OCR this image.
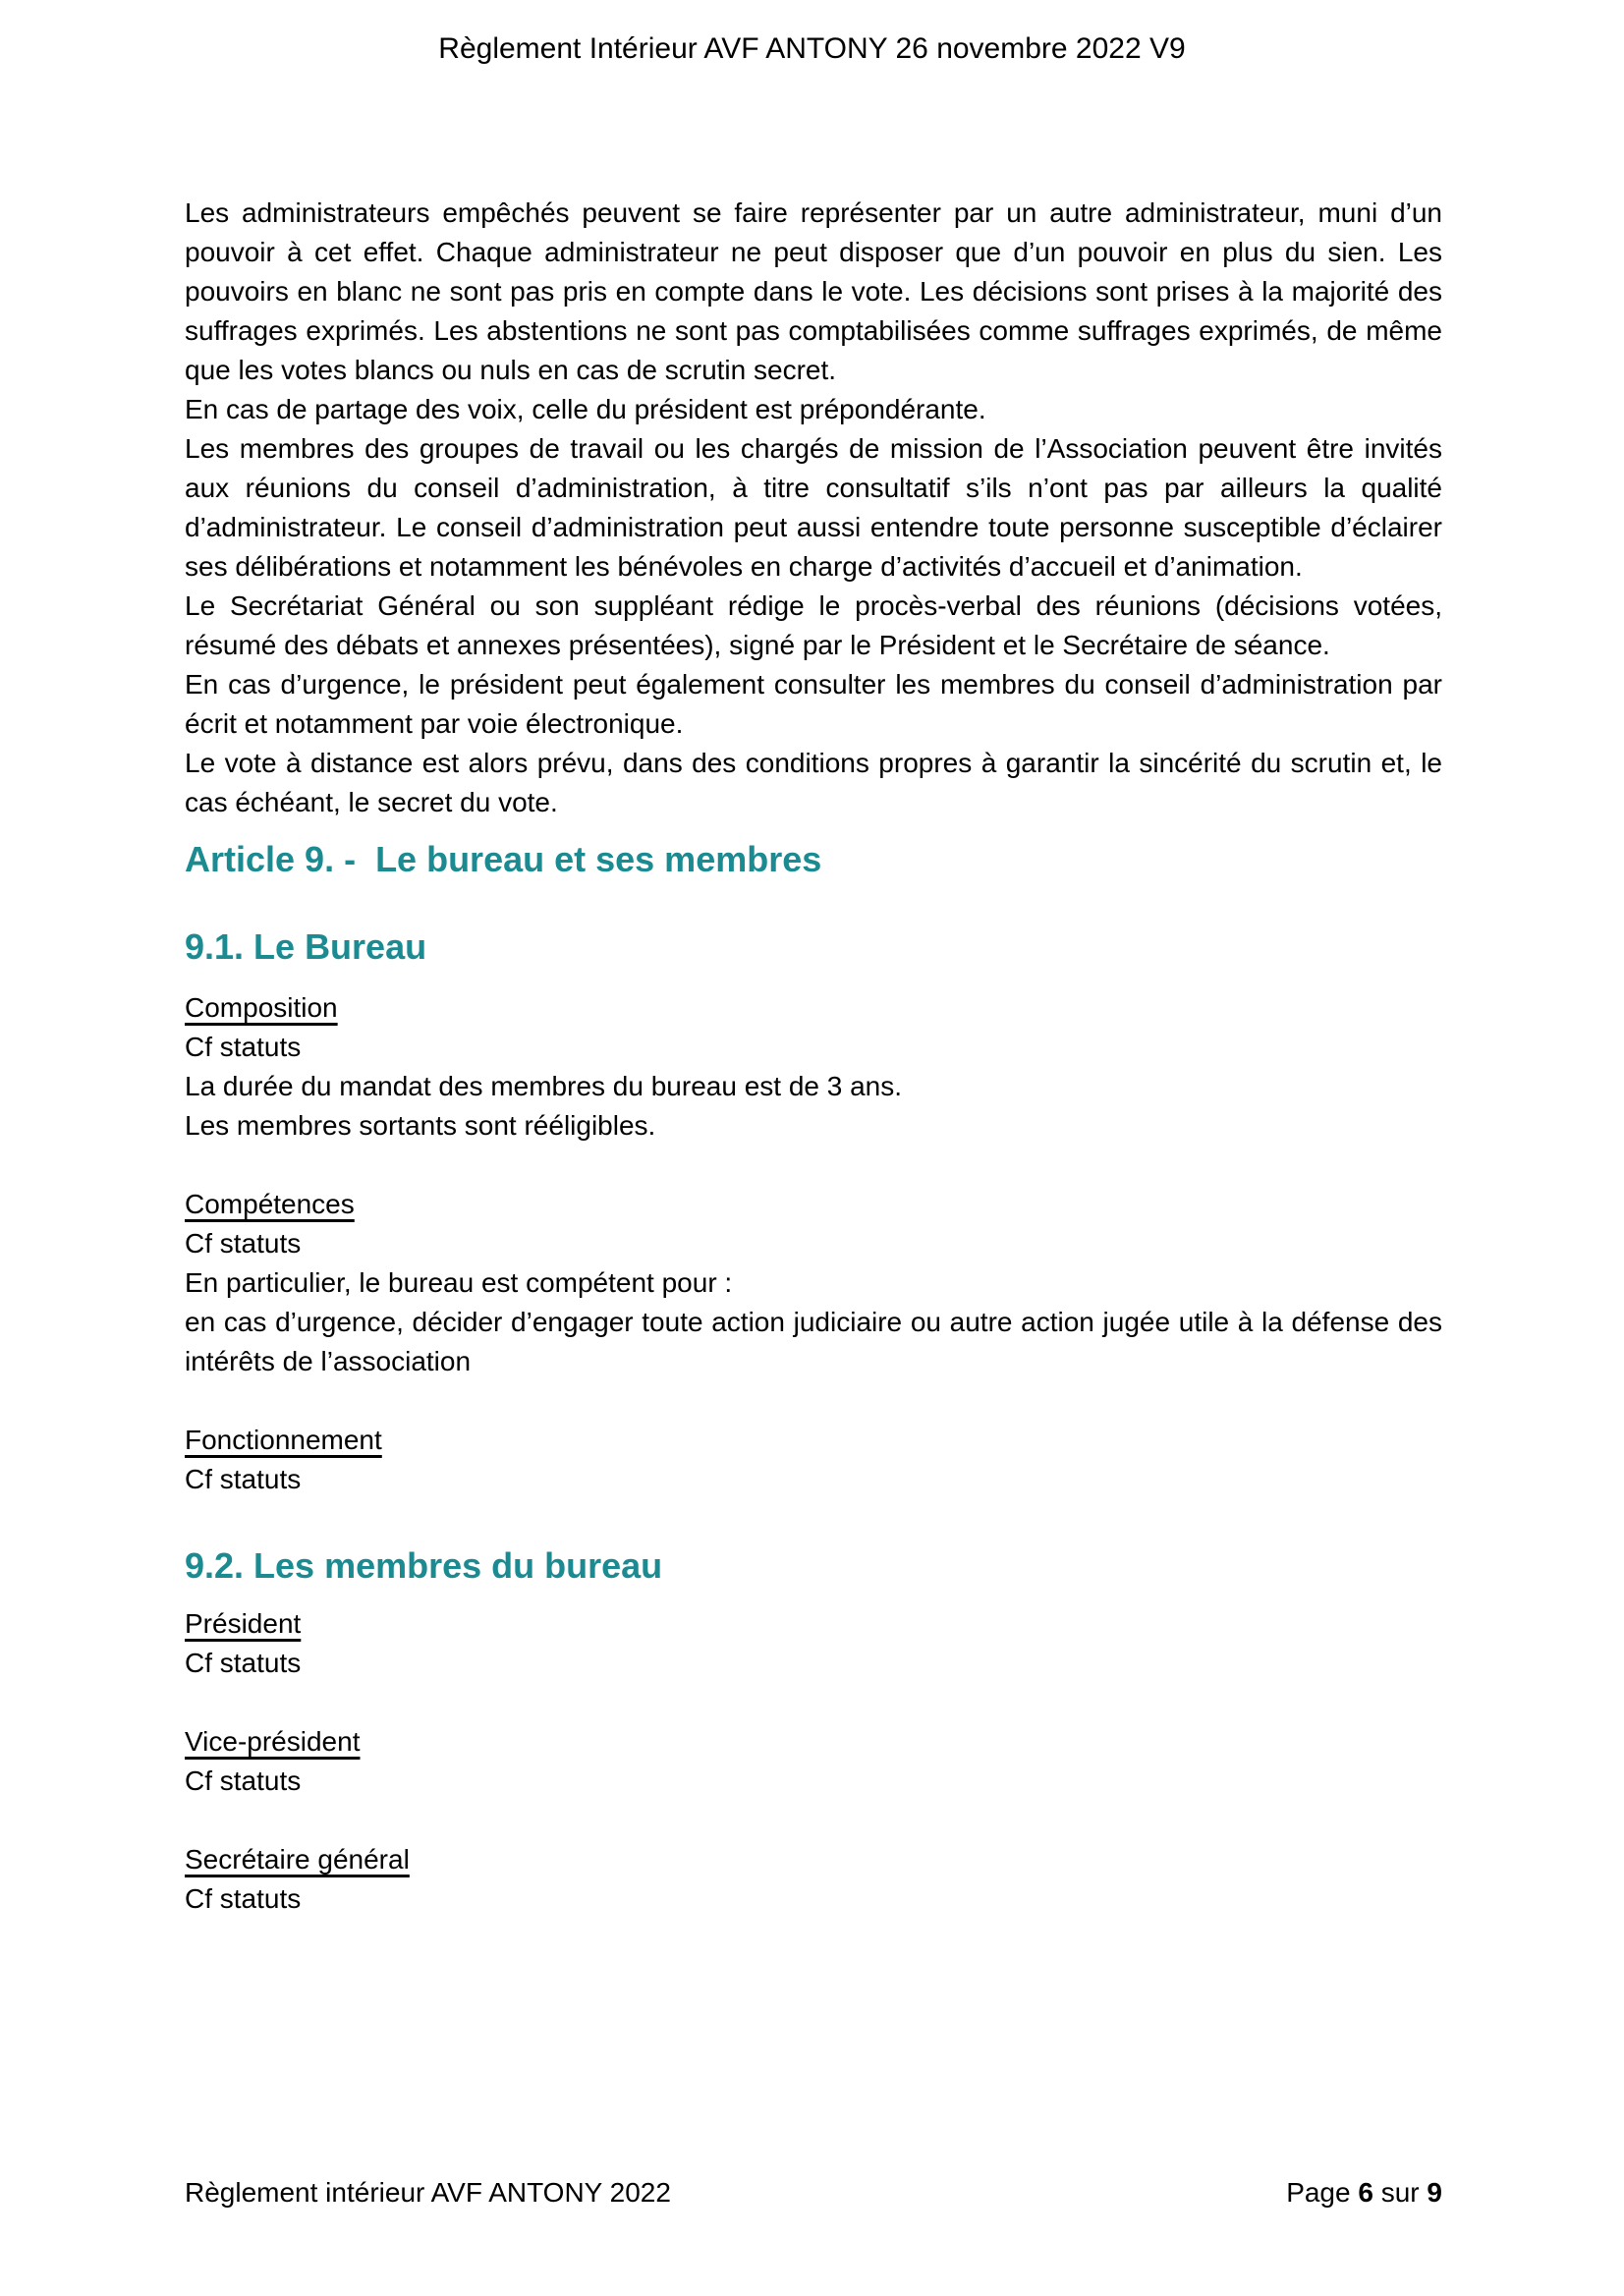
Règlement Intérieur AVF ANTONY 26 novembre 2022 V9

Les administrateurs empêchés peuvent se faire représenter par un autre administrateur, muni d’un pouvoir à cet effet. Chaque administrateur ne peut disposer que d’un pouvoir en plus du sien. Les pouvoirs en blanc ne sont pas pris en compte dans le vote. Les décisions sont prises à la majorité des suffrages exprimés. Les abstentions ne sont pas comptabilisées comme suffrages exprimés, de même que les votes blancs ou nuls en cas de scrutin secret.

En cas de partage des voix, celle du président est prépondérante.

Les membres des groupes de travail ou les chargés de mission de l’Association peuvent être invités aux réunions du conseil d’administration, à titre consultatif s’ils n’ont pas par ailleurs la qualité d’administrateur. Le conseil d’administration peut aussi entendre toute personne susceptible d’éclairer ses délibérations et notamment les bénévoles en charge d’activités d’accueil et d’animation.

Le Secrétariat Général ou son suppléant rédige le procès-verbal des réunions (décisions votées, résumé des débats et annexes présentées), signé par le Président et le Secrétaire de séance.

En cas d’urgence, le président peut également consulter les membres du conseil d’administration par écrit et notamment par voie électronique.

Le vote à distance est alors prévu, dans des conditions propres à garantir la sincérité du scrutin et, le cas échéant, le secret du vote.

Article 9. -  Le bureau et ses membres
9.1. Le Bureau

Composition

Cf statuts

La durée du mandat des membres du bureau est de 3 ans.

Les membres sortants sont rééligibles.

Compétences

Cf statuts

En particulier, le bureau est compétent pour :

en cas d’urgence, décider d’engager toute action judiciaire ou autre action jugée utile à la défense des intérêts de l’association

Fonctionnement

Cf statuts

9.2. Les membres du bureau

Président

Cf statuts

Vice-président

Cf statuts

Secrétaire général

Cf statuts

Règlement intérieur AVF ANTONY 2022	Page 6 sur 9
